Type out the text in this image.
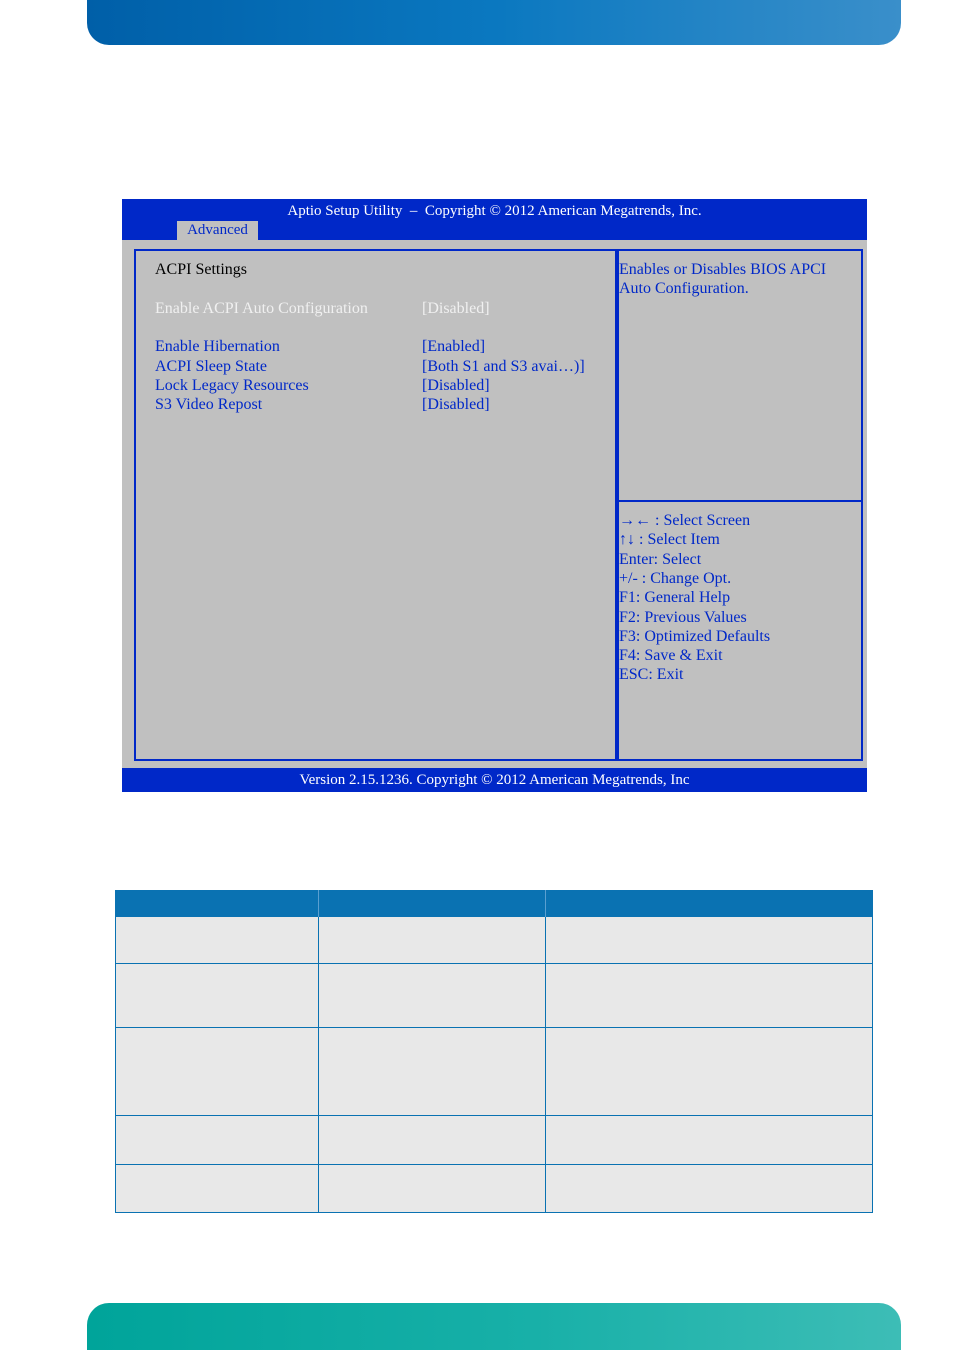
Aptio Setup Utility  –  Copyright © 2012 American Megatrends, Inc.
Advanced
ACPI Settings
Enable ACPI Auto Configuration	[Disabled]
Enable Hibernation	[Enabled]
ACPI Sleep State	[Both S1 and S3 avai…)]
Lock Legacy Resources	[Disabled]
S3 Video Repost	[Disabled]
Enables or Disables BIOS APCI
Auto Configuration.
→← : Select Screen
↑↓ : Select Item
Enter: Select
+/- : Change Opt.
F1: General Help
F2: Previous Values
F3: Optimized Defaults
F4: Save & Exit
ESC: Exit
Version 2.15.1236. Copyright © 2012 American Megatrends, Inc
